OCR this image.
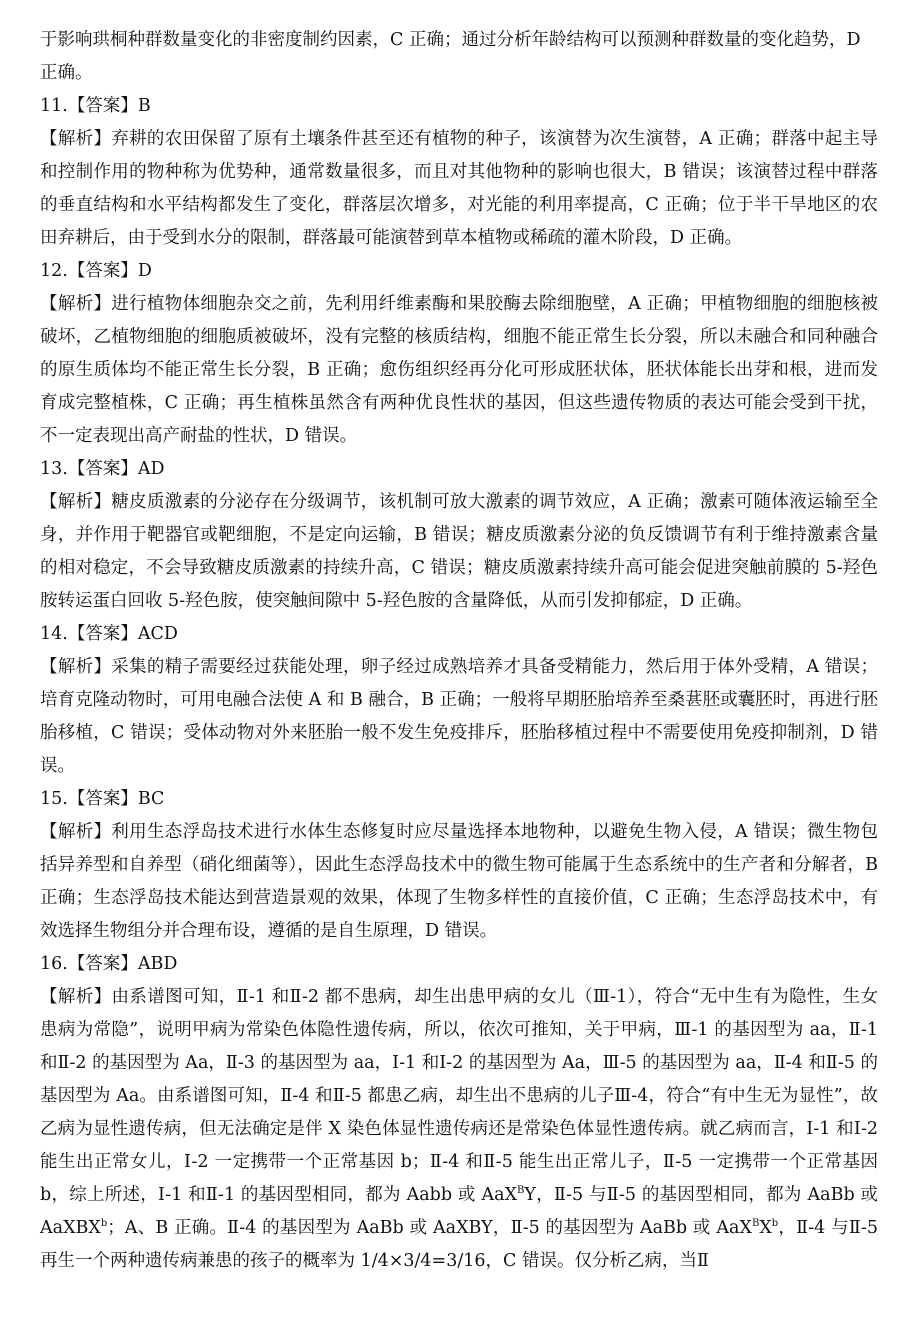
于影响珙桐种群数量变化的非密度制约因素，C 正确；通过分析年龄结构可以预测种群数量的变化趋势，D

正确。

11.【答案】B

【解析】弃耕的农田保留了原有土壤条件甚至还有植物的种子，该演替为次生演替，A 正确；群落中起主导和控制作用的物种称为优势种，通常数量很多，而且对其他物种的影响也很大，B 错误；该演替过程中群落的垂直结构和水平结构都发生了变化，群落层次增多，对光能的利用率提高，C 正确；位于半干旱地区的农田弃耕后，由于受到水分的限制，群落最可能演替到草本植物或稀疏的灌木阶段，D 正确。

12.【答案】D

【解析】进行植物体细胞杂交之前，先利用纤维素酶和果胶酶去除细胞壁，A 正确；甲植物细胞的细胞核被破坏，乙植物细胞的细胞质被破坏，没有完整的核质结构，细胞不能正常生长分裂，所以未融合和同种融合的原生质体均不能正常生长分裂，B 正确；愈伤组织经再分化可形成胚状体，胚状体能长出芽和根，进而发育成完整植株，C 正确；再生植株虽然含有两种优良性状的基因，但这些遗传物质的表达可能会受到干扰，不一定表现出高产耐盐的性状，D 错误。

13.【答案】AD

【解析】糖皮质激素的分泌存在分级调节，该机制可放大激素的调节效应，A 正确；激素可随体液运输至全身，并作用于靶器官或靶细胞，不是定向运输，B 错误；糖皮质激素分泌的负反馈调节有利于维持激素含量的相对稳定，不会导致糖皮质激素的持续升高，C 错误；糖皮质激素持续升高可能会促进突触前膜的 5-羟色胺转运蛋白回收 5-羟色胺，使突触间隙中 5-羟色胺的含量降低，从而引发抑郁症，D 正确。

14.【答案】ACD

【解析】采集的精子需要经过获能处理，卵子经过成熟培养才具备受精能力，然后用于体外受精，A 错误；培育克隆动物时，可用电融合法使 A 和 B 融合，B 正确；一般将早期胚胎培养至桑葚胚或囊胚时，再进行胚胎移植，C 错误；受体动物对外来胚胎一般不发生免疫排斥，胚胎移植过程中不需要使用免疫抑制剂，D 错误。

15.【答案】BC

【解析】利用生态浮岛技术进行水体生态修复时应尽量选择本地物种，以避免生物入侵，A 错误；微生物包括异养型和自养型（硝化细菌等），因此生态浮岛技术中的微生物可能属于生态系统中的生产者和分解者，B 正确；生态浮岛技术能达到营造景观的效果，体现了生物多样性的直接价值，C 正确；生态浮岛技术中，有效选择生物组分并合理布设，遵循的是自生原理，D 错误。

16.【答案】ABD

【解析】由系谱图可知，Ⅱ-1 和Ⅱ-2 都不患病，却生出患甲病的女儿（Ⅲ-1），符合“无中生有为隐性，生女患病为常隐”，说明甲病为常染色体隐性遗传病，所以，依次可推知，关于甲病，Ⅲ-1 的基因型为 aa，Ⅱ-1 和Ⅱ-2 的基因型为 Aa，Ⅱ-3 的基因型为 aa，Ⅰ-1 和Ⅰ-2 的基因型为 Aa，Ⅲ-5 的基因型为 aa，Ⅱ-4 和Ⅱ-5 的基因型为 Aa。由系谱图可知，Ⅱ-4 和Ⅱ-5 都患乙病，却生出不患病的儿子Ⅲ-4，符合“有中生无为显性”，故乙病为显性遗传病，但无法确定是伴 X 染色体显性遗传病还是常染色体显性遗传病。就乙病而言，Ⅰ-1 和Ⅰ-2 能生出正常女儿，Ⅰ-2 一定携带一个正常基因 b；Ⅱ-4 和Ⅱ-5 能生出正常儿子，Ⅱ-5 一定携带一个正常基因 b，综上所述，Ⅰ-1 和Ⅱ-1 的基因型相同，都为 Aabb 或 AaX$^B$Y，Ⅱ-5 与Ⅱ-5 的基因型相同，都为 AaBb 或 AaXBX$^b$；A、B 正确。Ⅱ-4 的基因型为 AaBb 或 AaXBY，Ⅱ-5 的基因型为 AaBb 或 $AaX^BX^b$，Ⅱ-4 与Ⅱ-5 再生一个两种遗传病兼患的孩子的概率为 1/4×3/4=3/16，C 错误。仅分析乙病，当Ⅱ
